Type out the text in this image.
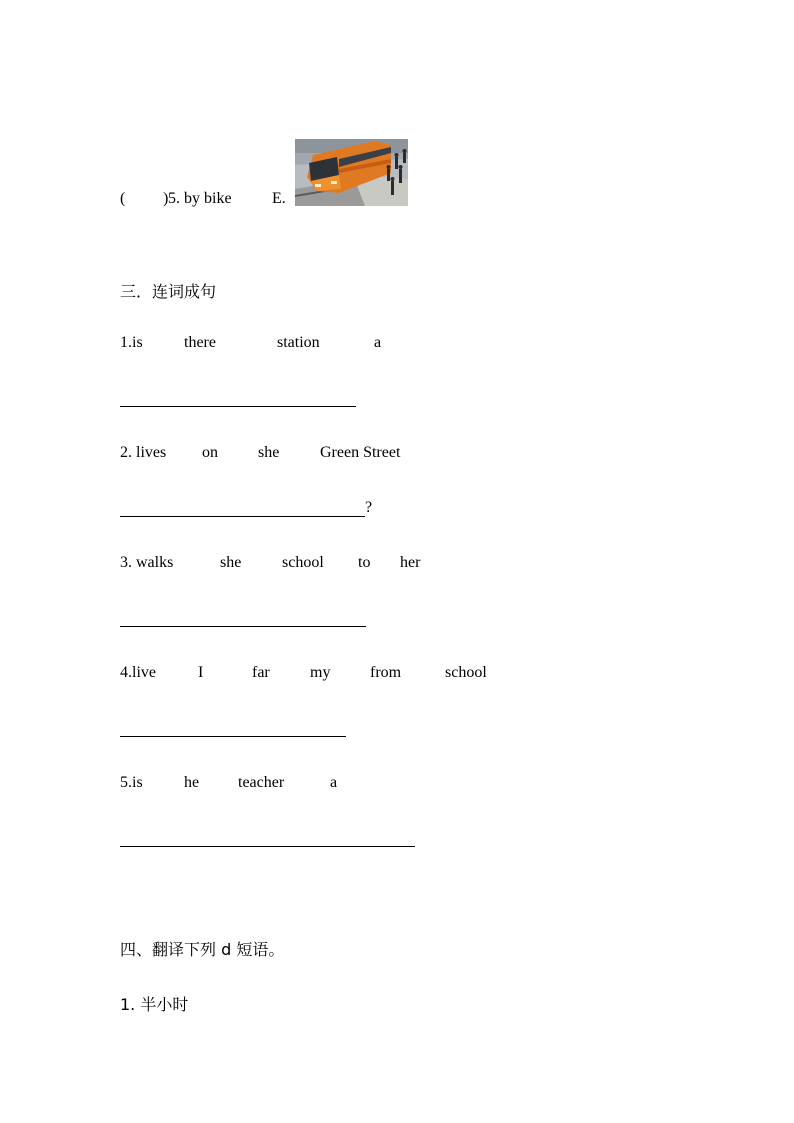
( ) 5. by bike	E.
三．连词成句
1.is	there	station	a
2. lives on	she	Green Street
?
3. walks	she	school to her
4.live	I	far	my from	school
5.is	he teacher	a
四、翻译下列 d 短语。
1. 半小时
